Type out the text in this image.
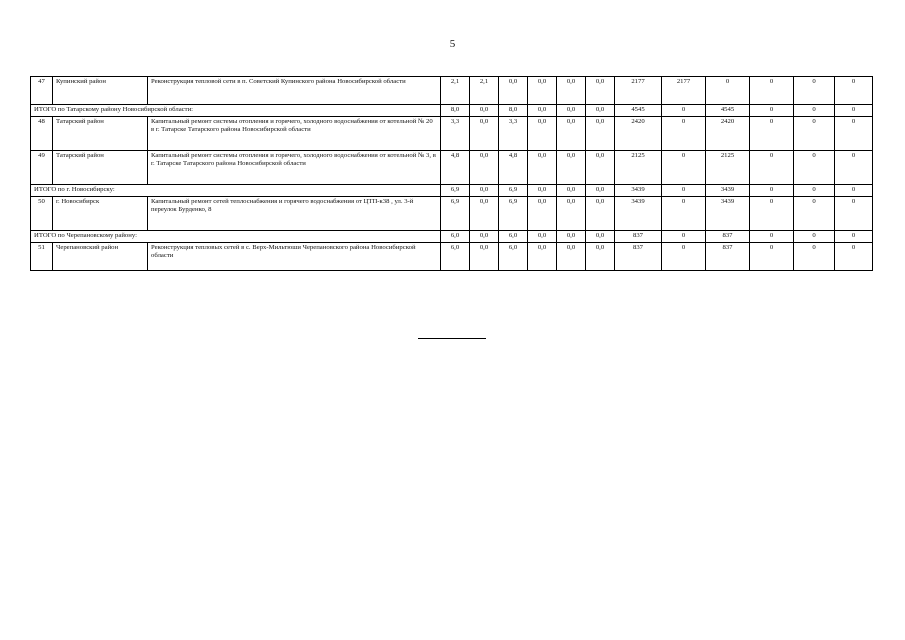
5
47	Купинский район	Реконструкция тепловой сети в п. Советский Купинского района Новосибирской области	2,1	2,1	0,0	0,0	0,0	0,0	2177	2177	0	0	0	0
ИТОГО по Татарскому району Новосибирской области:			8,0	0,0	8,0	0,0	0,0	0,0	4545	0	4545	0	0	0
48	Татарский район	Капитальный ремонт системы отопления и горячего, холодного водоснабжения от котельной № 20 в г. Татарске Татарского района Новосибирской области	3,3	0,0	3,3	0,0	0,0	0,0	2420	0	2420	0	0	0
49	Татарский район	Капитальный ремонт системы отопления и горячего, холодного водоснабжения от котельной № 3, в г. Татарске Татарского района Новосибирской области	4,8	0,0	4,8	0,0	0,0	0,0	2125	0	2125	0	0	0
ИТОГО по г. Новосибирску:			6,9	0,0	6,9	0,0	0,0	0,0	3439	0	3439	0	0	0
50	г. Новосибирск	Капитальный ремонт сетей теплоснабжения и горячего водоснабжения от ЦТП-к38 , ул. 3-й переулок Бурденко, 8	6,9	0,0	6,9	0,0	0,0	0,0	3439	0	3439	0	0	0
ИТОГО по Черепановскому району:			6,0	0,0	6,0	0,0	0,0	0,0	837	0	837	0	0	0
51	Черепановский район	Реконструкция тепловых сетей в с. Верх-Мильтюши Черепановского района Новосибирской области	6,0	0,0	6,0	0,0	0,0	0,0	837	0	837	0	0	0
